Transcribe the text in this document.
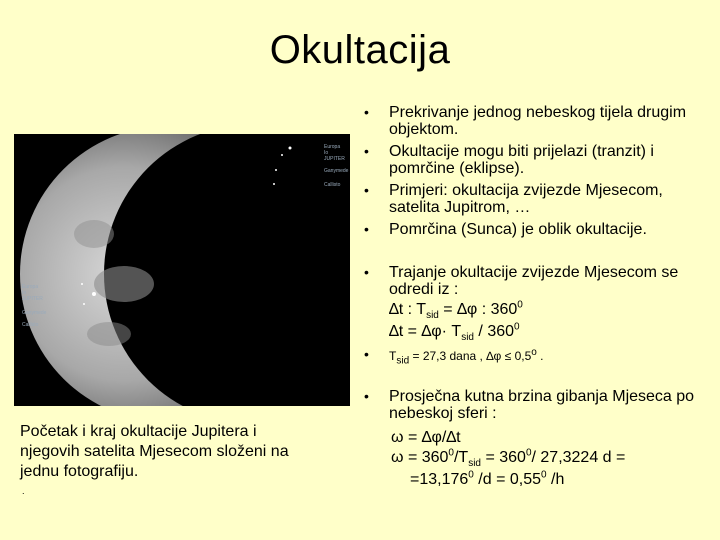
Okultacija
Europa
Io
JUPITER
Ganymede
Callisto
Europa
Io
JUPITER
Ganymede
Callisto
Početak i kraj okultacije Jupitera i njegovih satelita Mjesecom složeni na jednu fotografiju.
.
• Prekrivanje jednog nebeskog tijela drugim objektom.
• Okultacije mogu biti prijelazi (tranzit) i pomrčine (eklipse).
• Primjeri: okultacija zvijezde Mjesecom, satelita Jupitrom, …
• Pomrčina (Sunca) je oblik okultacije.
• Trajanje okultacije zvijezde Mjesecom se odredi iz :
∆t : $T_{sid} = \Delta\varphi$ : $360^0$
$\Delta t = \Delta\varphi\cdot T_{sid} / 360^0$
• $T_{sid} = 27,3$ dana , $\Delta\varphi \le 0,5^o$ .
• Prosječna kutna brzina gibanja Mjeseca po nebeskoj sferi :
ω = ∆φ/∆t
$\omega = 360^0/T_{sid} = 360^0/$ 27,3224 d =
$=13,176^0$ $/d = 0,55^0$ /h
